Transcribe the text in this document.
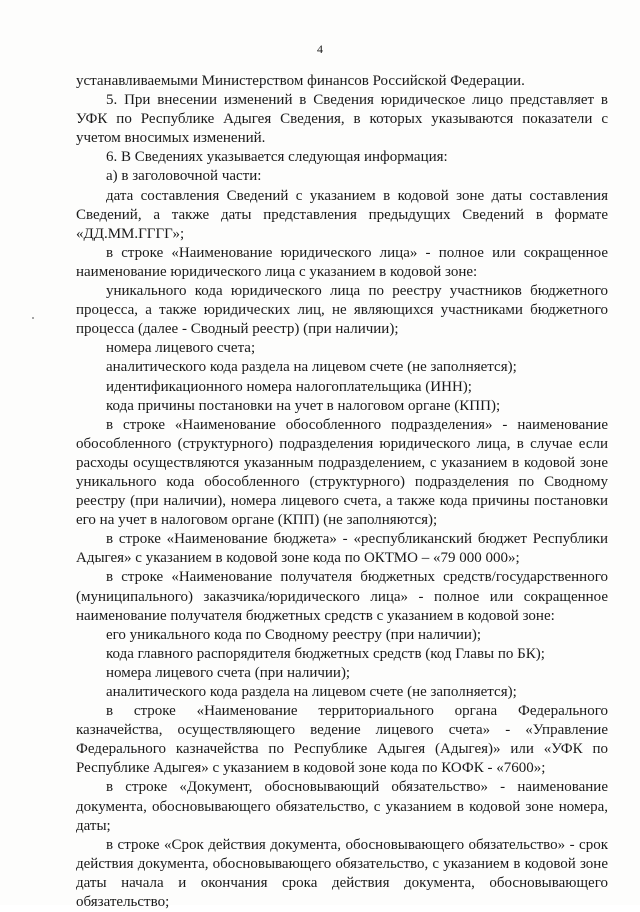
4

устанавливаемыми Министерством финансов Российской Федерации.

5. При внесении изменений в Сведения юридическое лицо представляет в УФК по Республике Адыгея Сведения, в которых указываются показатели с учетом вносимых изменений.

6. В Сведениях указывается следующая информация:

а) в заголовочной части:

дата составления Сведений с указанием в кодовой зоне даты составления Сведений, а также даты представления предыдущих Сведений в формате «ДД.ММ.ГГГГ»;

в строке «Наименование юридического лица» - полное или сокращенное наименование юридического лица с указанием в кодовой зоне:

уникального кода юридического лица по реестру участников бюджетного процесса, а также юридических лиц, не являющихся участниками бюджетного процесса (далее - Сводный реестр) (при наличии);

номера лицевого счета;

аналитического кода раздела на лицевом счете (не заполняется);

идентификационного номера налогоплательщика (ИНН);

кода причины постановки на учет в налоговом органе (КПП);

в строке «Наименование обособленного подразделения» - наименование обособленного (структурного) подразделения юридического лица, в случае если расходы осуществляются указанным подразделением, с указанием в кодовой зоне уникального кода обособленного (структурного) подразделения по Сводному реестру (при наличии), номера лицевого счета, а также кода причины постановки его на учет в налоговом органе (КПП) (не заполняются);

в строке «Наименование бюджета» - «республиканский бюджет Республики Адыгея» с указанием в кодовой зоне кода по ОКТМО – «79 000 000»;

в строке «Наименование получателя бюджетных средств/государственного (муниципального) заказчика/юридического лица» - полное или сокращенное наименование получателя бюджетных средств с указанием в кодовой зоне:

его уникального кода по Сводному реестру (при наличии);

кода главного распорядителя бюджетных средств (код Главы по БК);

номера лицевого счета (при наличии);

аналитического кода раздела на лицевом счете (не заполняется);

в строке «Наименование территориального органа Федерального казначейства, осуществляющего ведение лицевого счета» - «Управление Федерального казначейства по Республике Адыгея (Адыгея)» или «УФК по Республике Адыгея» с указанием в кодовой зоне кода по КОФК - «7600»;

в строке «Документ, обосновывающий обязательство» - наименование документа, обосновывающего обязательство, с указанием в кодовой зоне номера, даты;

в строке «Срок действия документа, обосновывающего обязательство» - срок действия документа, обосновывающего обязательство, с указанием в кодовой зоне даты начала и окончания срока действия документа, обосновывающего обязательство;
